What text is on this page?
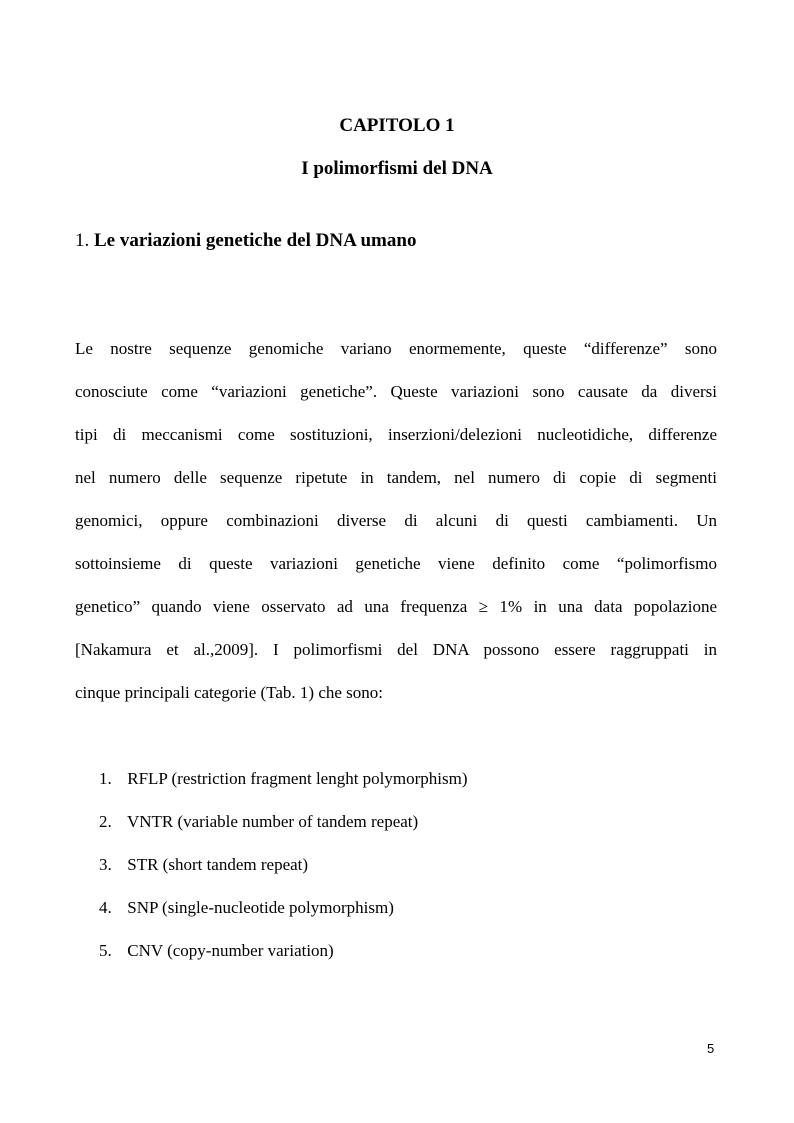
CAPITOLO 1
I polimorfismi del DNA
1. Le variazioni genetiche del DNA umano
Le nostre sequenze genomiche variano enormemente, queste “differenze” sono
conosciute come “variazioni genetiche”. Queste variazioni sono causate da diversi
tipi di meccanismi come sostituzioni, inserzioni/delezioni nucleotidiche, differenze
nel numero delle sequenze ripetute in tandem, nel numero di copie di segmenti
genomici, oppure combinazioni diverse di alcuni di questi cambiamenti. Un
sottoinsieme di queste variazioni genetiche viene definito come “polimorfismo
genetico” quando viene osservato ad una frequenza ≥ 1% in una data popolazione
[Nakamura et al.,2009]. I polimorfismi del DNA possono essere raggruppati in
cinque principali categorie (Tab. 1) che sono:
1. RFLP (restriction fragment lenght polymorphism)
2. VNTR (variable number of tandem repeat)
3. STR (short tandem repeat)
4. SNP (single-nucleotide polymorphism)
5. CNV (copy-number variation)
5
